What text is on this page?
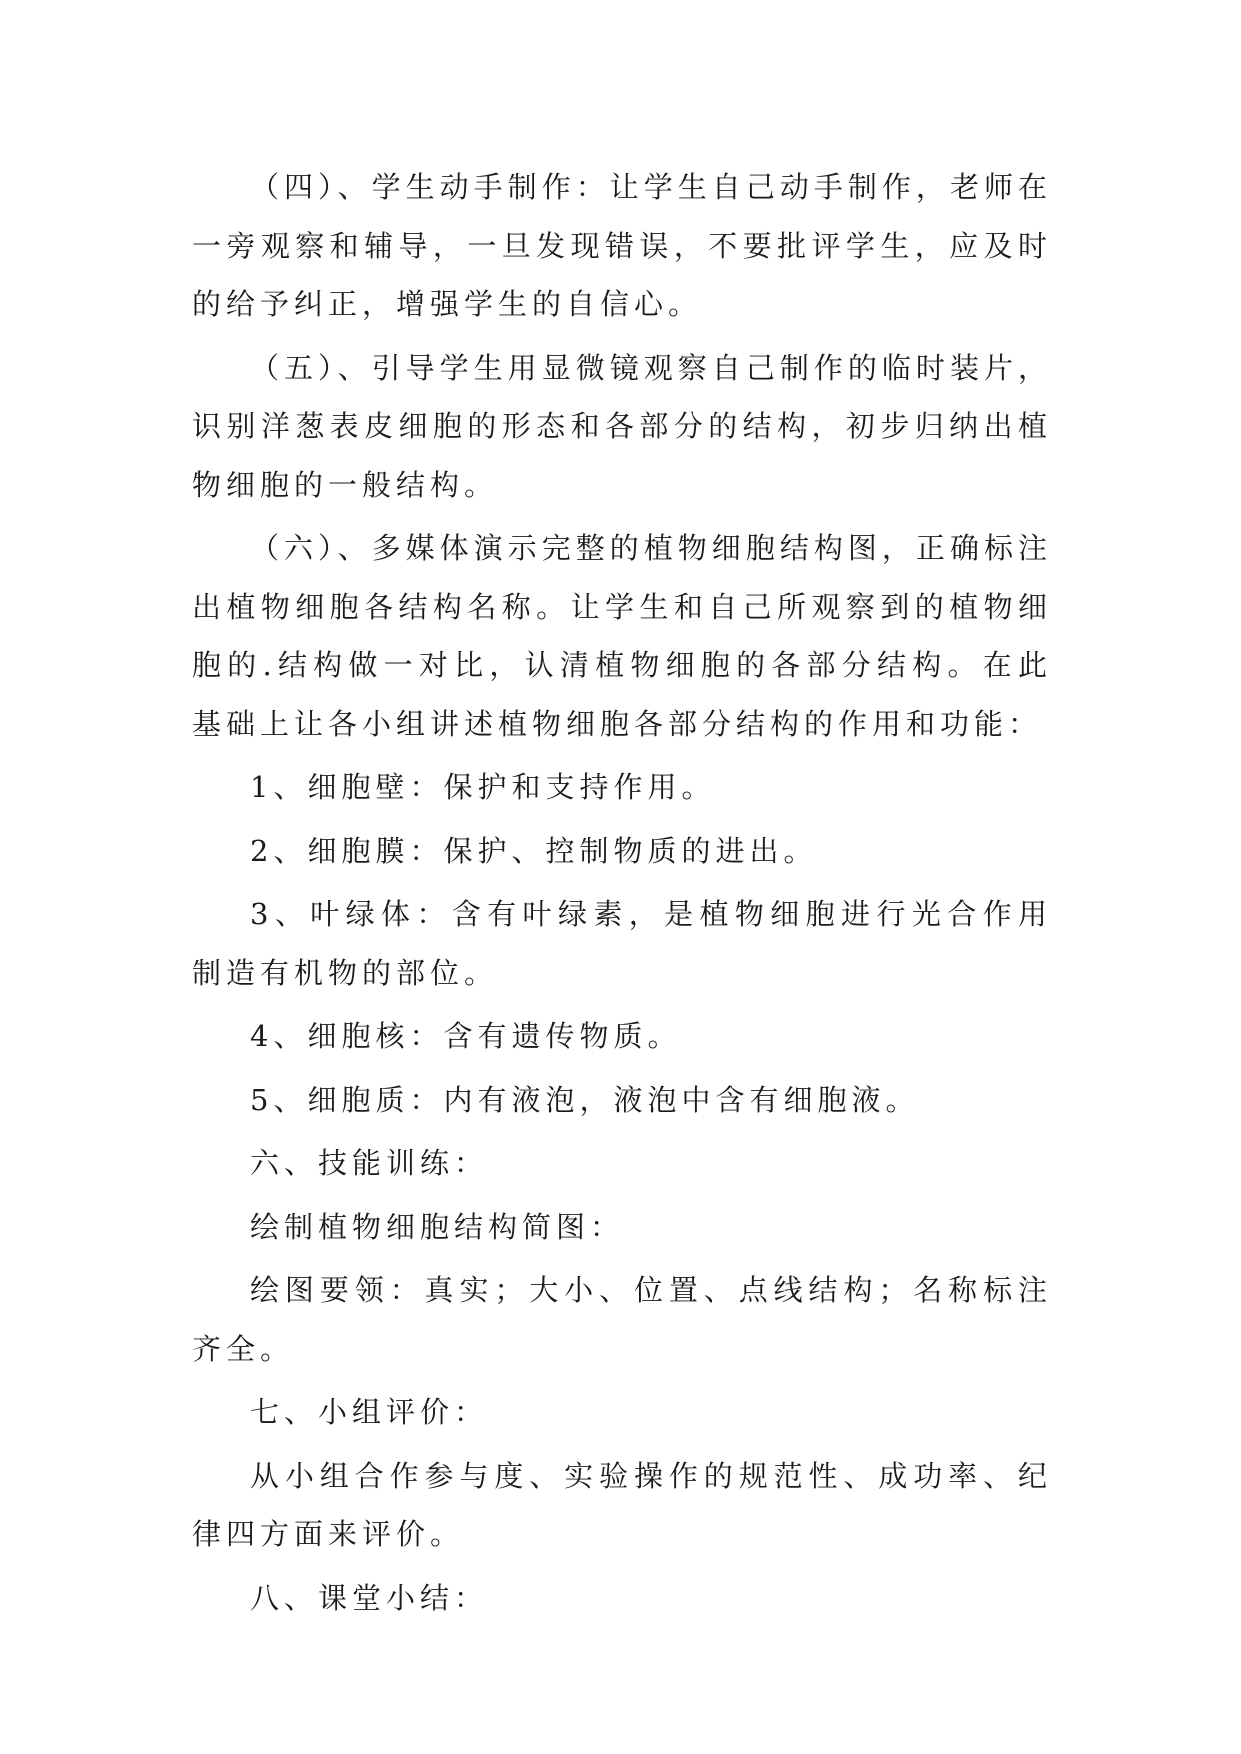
（四）、学生动手制作：让学生自己动手制作，老师在一旁观察和辅导，一旦发现错误，不要批评学生，应及时的给予纠正，增强学生的自信心。

（五）、引导学生用显微镜观察自己制作的临时装片，识别洋葱表皮细胞的形态和各部分的结构，初步归纳出植物细胞的一般结构。

（六）、多媒体演示完整的植物细胞结构图，正确标注出植物细胞各结构名称。让学生和自己所观察到的植物细胞的.结构做一对比，认清植物细胞的各部分结构。在此基础上让各小组讲述植物细胞各部分结构的作用和功能：

1、细胞壁：保护和支持作用。

2、细胞膜：保护、控制物质的进出。

3、叶绿体：含有叶绿素，是植物细胞进行光合作用制造有机物的部位。

4、细胞核：含有遗传物质。

5、细胞质：内有液泡，液泡中含有细胞液。

六、技能训练：

绘制植物细胞结构简图：

绘图要领：真实；大小、位置、点线结构；名称标注齐全。

七、小组评价：

从小组合作参与度、实验操作的规范性、成功率、纪律四方面来评价。

八、课堂小结：
